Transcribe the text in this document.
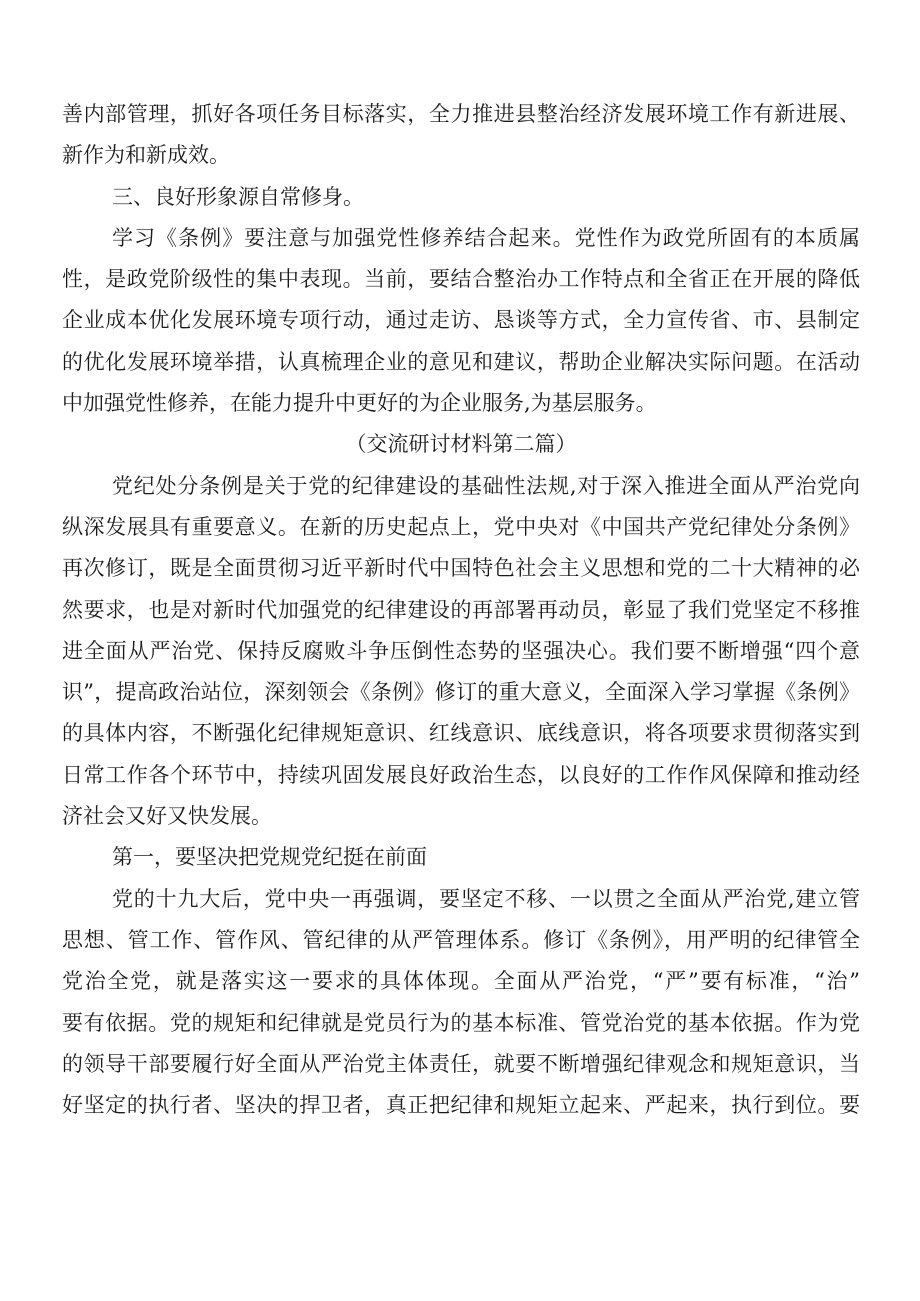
善内部管理，抓好各项任务目标落实，全力推进县整治经济发展环境工作有新进展、
新作为和新成效。
三、良好形象源自常修身。
学习《条例》要注意与加强党性修养结合起来。党性作为政党所固有的本质属
性，是政党阶级性的集中表现。当前，要结合整治办工作特点和全省正在开展的降低
企业成本优化发展环境专项行动，通过走访、恳谈等方式，全力宣传省、市、县制定
的优化发展环境举措，认真梳理企业的意见和建议，帮助企业解决实际问题。在活动
中加强党性修养，在能力提升中更好的为企业服务,为基层服务。
（交流研讨材料第二篇）
党纪处分条例是关于党的纪律建设的基础性法规,对于深入推进全面从严治党向
纵深发展具有重要意义。在新的历史起点上，党中央对《中国共产党纪律处分条例》
再次修订，既是全面贯彻习近平新时代中国特色社会主义思想和党的二十大精神的必
然要求，也是对新时代加强党的纪律建设的再部署再动员，彰显了我们党坚定不移推
进全面从严治党、保持反腐败斗争压倒性态势的坚强决心。我们要不断增强“四个意
识”，提高政治站位，深刻领会《条例》修订的重大意义，全面深入学习掌握《条例》
的具体内容，不断强化纪律规矩意识、红线意识、底线意识，将各项要求贯彻落实到
日常工作各个环节中，持续巩固发展良好政治生态，以良好的工作作风保障和推动经
济社会又好又快发展。
第一，要坚决把党规党纪挺在前面
党的十九大后，党中央一再强调，要坚定不移、一以贯之全面从严治党,建立管
思想、管工作、管作风、管纪律的从严管理体系。修订《条例》，用严明的纪律管全
党治全党，就是落实这一要求的具体体现。全面从严治党，“严”要有标准，“治”
要有依据。党的规矩和纪律就是党员行为的基本标准、管党治党的基本依据。作为党
的领导干部要履行好全面从严治党主体责任，就要不断增强纪律观念和规矩意识，当
好坚定的执行者、坚决的捍卫者，真正把纪律和规矩立起来、严起来，执行到位。要
